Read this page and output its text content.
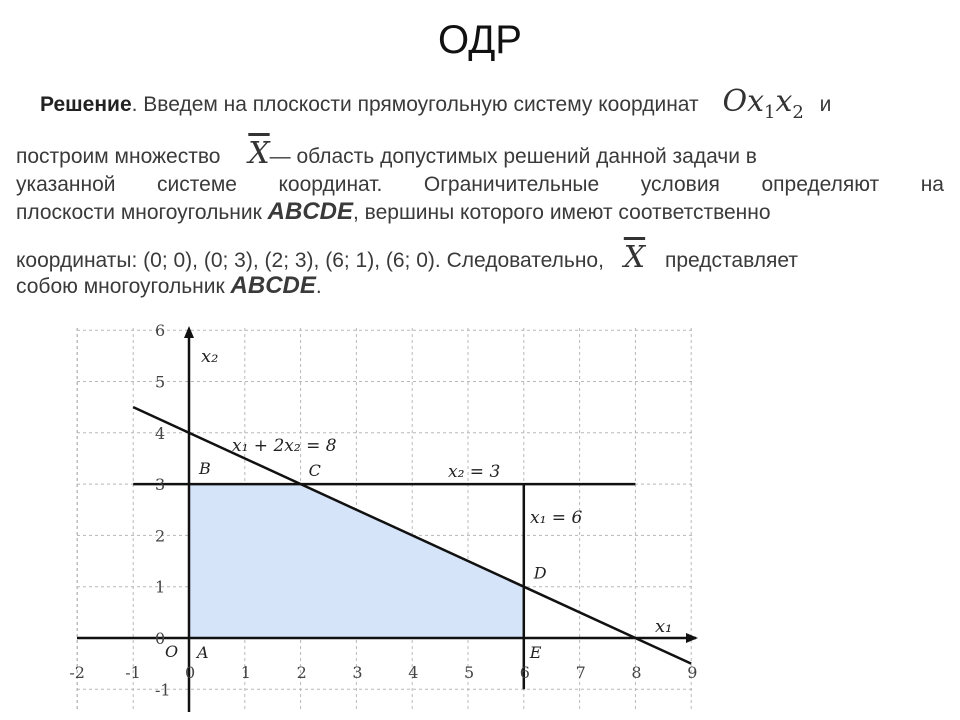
ОДР
Решение. Введем на плоскости прямоугольную систему координат $Ox_1x_2$ и
построим множество $\overline{X}—$ область допустимых решений данной задачи в
указанной системе координат. Ограничительные условия определяют на
плоскости многоугольник ABCDE, вершины которого имеют соответственно
координаты: (0; 0), (0; 3), (2; 3), (6; 1), (6; 0). Следовательно, $\overline{X}$ представляет
собою многоугольник ABCDE.
-2	-1	1	2	3	4	5	6	7	8	9
0
-1
0
1
2
3
4
5
6
x₂
x₁
O A
B	C
D
E
x₁ + 2x₂ = 8
x₂ = 3
x₁ = 6
